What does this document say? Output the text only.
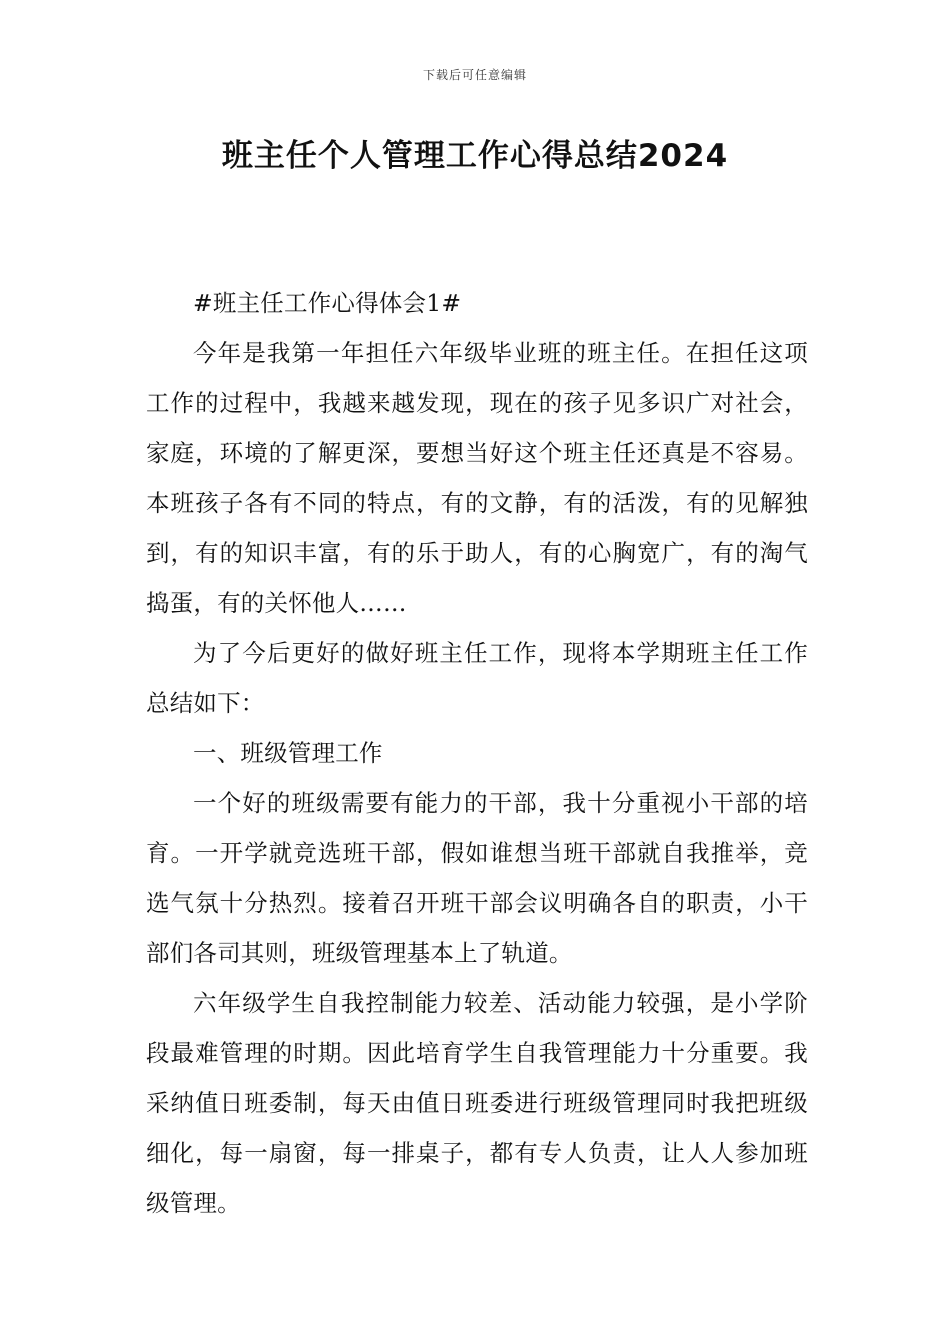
下载后可任意编辑
班主任个人管理工作心得总结2024

#班主任工作心得体会1#

今年是我第一年担任六年级毕业班的班主任。在担任这项工作的过程中，我越来越发现，现在的孩子见多识广对社会，家庭，环境的了解更深，要想当好这个班主任还真是不容易。本班孩子各有不同的特点，有的文静，有的活泼，有的见解独到，有的知识丰富，有的乐于助人，有的心胸宽广，有的淘气捣蛋，有的关怀他人……

为了今后更好的做好班主任工作，现将本学期班主任工作总结如下：

一、班级管理工作

一个好的班级需要有能力的干部，我十分重视小干部的培育。一开学就竞选班干部，假如谁想当班干部就自我推举，竞选气氛十分热烈。接着召开班干部会议明确各自的职责，小干部们各司其则，班级管理基本上了轨道。

六年级学生自我控制能力较差、活动能力较强，是小学阶段最难管理的时期。因此培育学生自我管理能力十分重要。我采纳值日班委制，每天由值日班委进行班级管理同时我把班级细化，每一扇窗，每一排桌子，都有专人负责，让人人参加班级管理。
